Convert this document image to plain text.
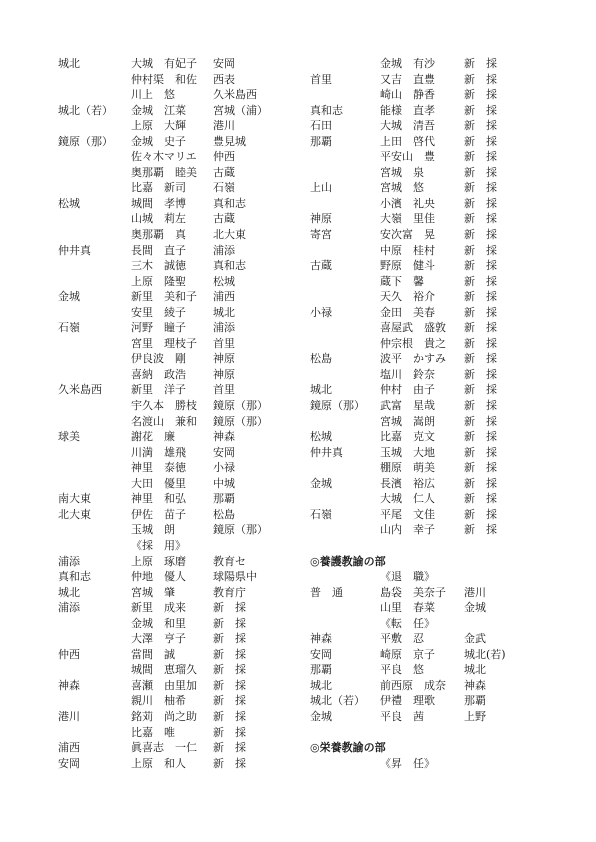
城北	大城　有妃子 安岡
仲村渠　和佐 西表
川上　悠	久米島西
城北（若） 金城　江菜 宮城（浦）
上原　大輝 港川
鏡原（那） 金城　史子 豊見城
佐々木マリエ 仲西
奥那覇　睦美 古蔵
比嘉　新司 石嶺
松城	城間　孝博 真和志
山城　莉左 古蔵
奥那覇　真 北大東
仲井真	長間　直子 浦添
三木　誠徳 真和志
上原　隆聖 松城
金城	新里　美和子 浦西
安里　綾子 城北
石嶺	河野　瞳子 浦添
宮里　理枝子 首里
伊良波　剛 神原
喜納　政浩 神原
久米島西	新里　洋子 首里
宇久本　勝枝 鏡原（那）
名渡山　兼和 鏡原（那）
球美	謝花　廉	神森
川満　雄飛 安岡
神里　泰徳 小禄
大田　優里 中城
南大東	神里　和弘 那覇
北大東	伊佐　苗子 松島
玉城　朗	鏡原（那）
《採　用》
浦添	上原　琢磨 教育セ
真和志	仲地　優人 球陽県中
城北	宮城　肇	教育庁
浦添	新里　成来 新　採
金城　和里 新　採
大澤　亨子 新　採
仲西	當間　誠	新　採
城間　恵瑠久 新　採
神森	喜瀬　由里加 新　採
親川　柚希 新　採
港川	銘苅　尚之助 新　採
比嘉　唯	新　採
浦西	眞喜志　一仁 新　採
安岡	上原　和人 新　採
金城　有沙	新　採
首里	又吉　直豊	新　採
崎山　静香	新　採
真和志	能様　直孝	新　採
石田	大城　清吾	新　採
那覇	上田　啓代	新　採
平安山　豊	新　採
宮城　泉	新　採
上山	宮城　悠	新　採
小濱　礼央	新　採
神原	大嶺　里佳	新　採
寄宮	安次富　晃	新　採
中原　桂村	新　採
古蔵	野原　健斗	新　採
蔵下　馨	新　採
天久　裕介	新　採
小禄	金田　美春	新　採
喜屋武　盛敦 新　採
仲宗根　貴之 新　採
松島	波平　かすみ 新　採
塩川　鈴奈	新　採
城北	仲村　由子	新　採
鏡原（那） 武富　星哉	新　採
宮城　嵩朗	新　採
松城	比嘉　克文	新　採
仲井真	玉城　大地	新　採
棚原　萌美	新　採
金城	長濱　裕広	新　採
大城　仁人	新　採
石嶺	平尾　文佳	新　採
山内　幸子	新　採
◎養護教諭の部
《退　職》
普　通	島袋　美奈子 港川
山里　春菜	金城
《転　任》
神森	平敷　忍	金武
安岡	崎原　京子	城北(若)
那覇	平良　悠	城北
城北	前西原　成奈 神森
城北（若） 伊禮　理歌	那覇
金城	平良　茜	上野
◎栄養教諭の部
《昇　任》
